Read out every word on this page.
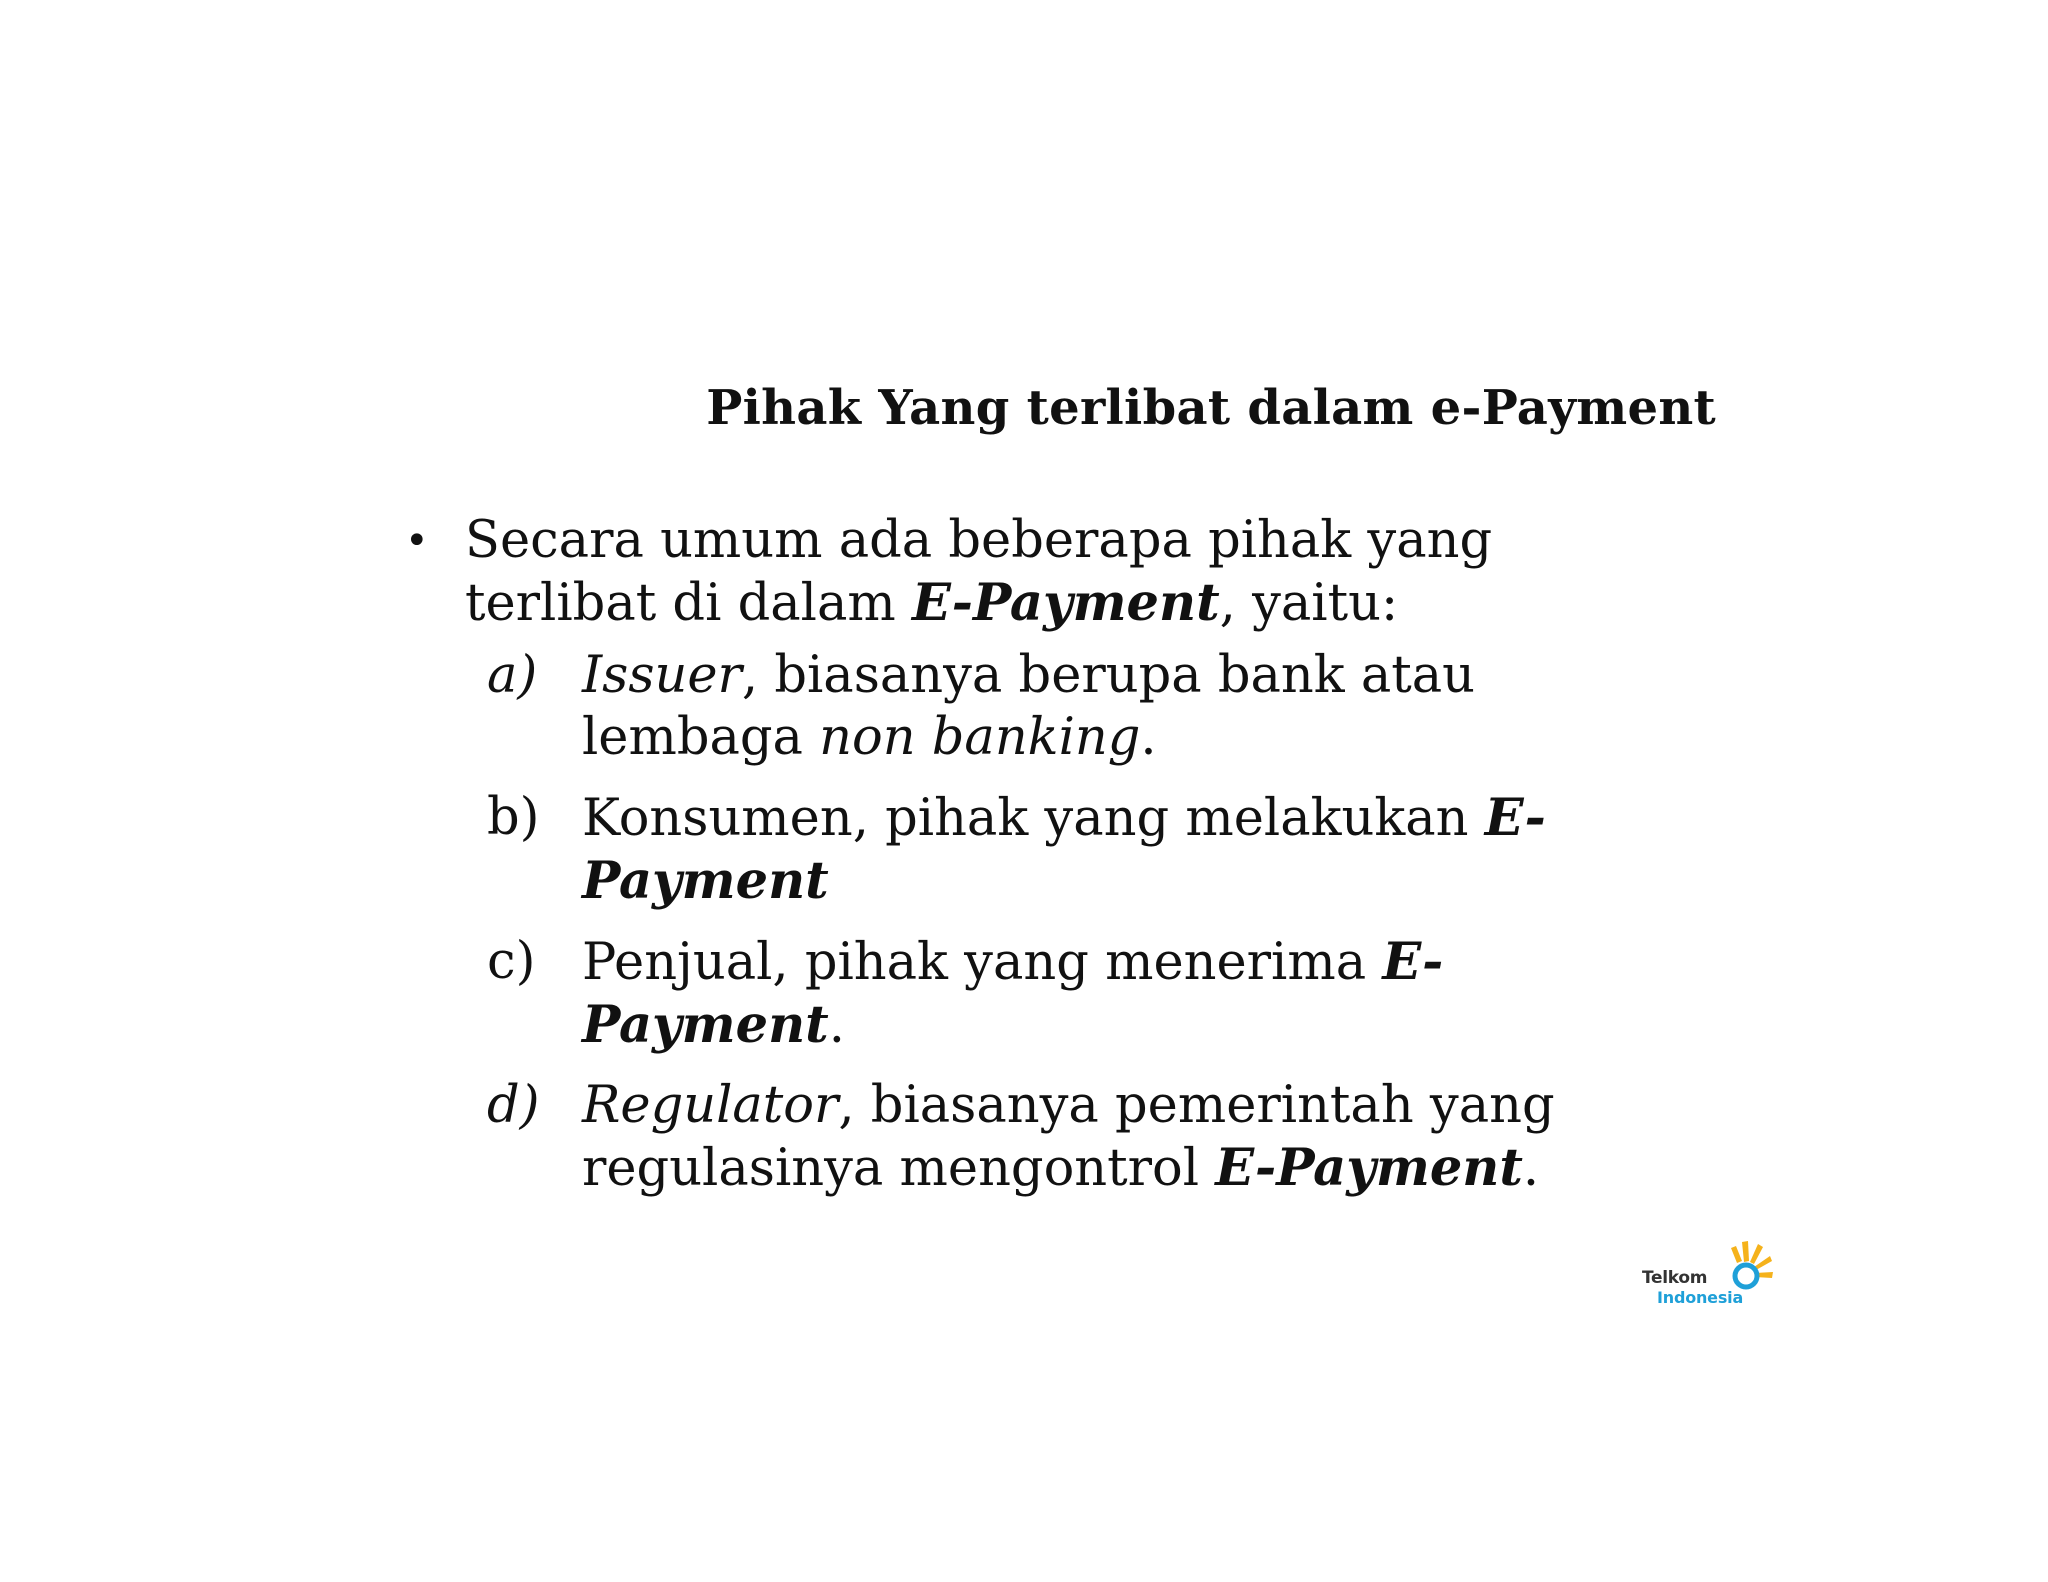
Pihak Yang terlibat dalam e-Payment
• Secara umum ada beberapa pihak yang terlibat di dalam E-Payment, yaitu:
a) Issuer, biasanya berupa bank atau lembaga non banking.
b) Konsumen, pihak yang melakukan E-Payment
c) Penjual, pihak yang menerima E-Payment.
d) Regulator, biasanya pemerintah yang regulasinya mengontrol E-Payment.
Telkom
Indonesia
